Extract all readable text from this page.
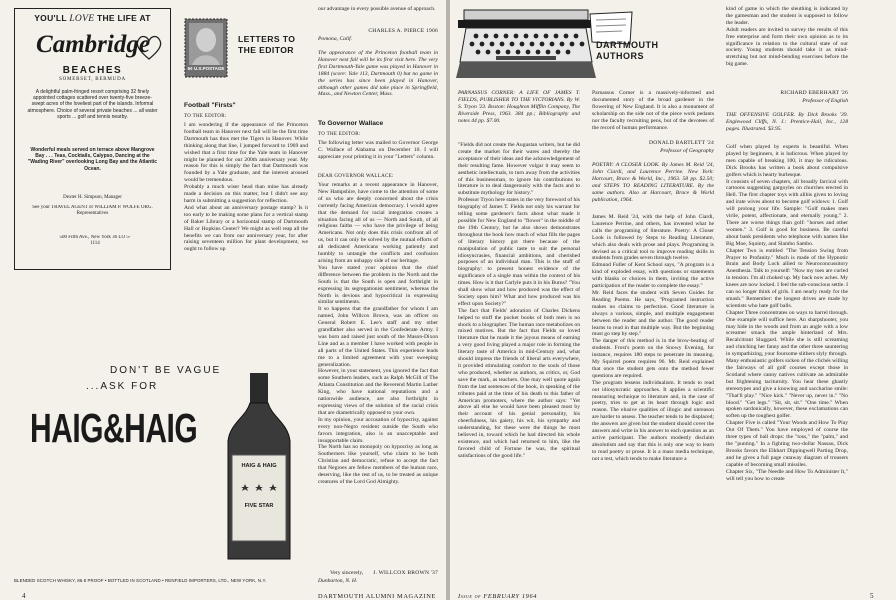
YOU'LL LOVE THE LIFE AT
Cambridge
BEACHES
SOMERSET, BERMUDA
A delightful palm-fringed resort comprising 32 finely appointed cottages scattered over twenty-five breeze-swept acres of the loveliest part of the islands. Informal atmosphere. Choice of several private beaches ... all water sports ... golf and tennis nearby.
Wonderful meals served on terrace above Mangrove Bay . . . Teas, Cocktails, Calypso, Dancing at the "Wading River" overlooking Long Bay and the Atlantic Ocean.
Dexter H. Simpson, Manager
See your TRAVEL AGENT or WILLIAM P. WOLFE ORG. Representatives
500 Fifth Ave., New York 36 LO 5-1114
5¢ U.S.POSTAGE
LETTERS TO THE EDITOR
Football "Firsts"
TO THE EDITOR:
I am wondering if the appearance of the Princeton football team in Hanover next fall will be the first time Dartmouth has thus met the Tigers in Hanover. While thinking along that line, I jumped forward to 1969 and wished that a first time for the Yale team in Hanover might be planned for our 200th anniversary year. My reason for this is simply the fact that Dartmouth was founded by a Yale graduate, and the interest aroused would be tremendous.
Probably a much wiser head than mine has already made a decision on this matter, but I didn't see any harm in submitting a suggestion for reflection.
And what about an anniversary postage stamp? Is it too early to be making some plans for a vertical stamp of Baker Library or a horizontal stamp of Dartmouth Hall or Hopkins Center? We might as well reap all the benefits we can from our anniversary year, for after raising seventeen million for plant development, we ought to follow up
our advantage in every possible avenue of approach.
CHARLES A. PIERCE 1906
Pomona, Calif.
The appearance of the Princeton football team in Hanover next fall will be its first visit here. The very first Dartmouth-Yale game was played in Hanover in 1884 (score: Yale 113, Dartmouth 0) but no game in the series has since been played in Hanover, although other games did take place in Springfield, Mass., and Newton Center, Mass.
To Governor Wallace
TO THE EDITOR:
The following letter was mailed to Governor George C. Wallace of Alabama on December 10. I will appreciate your printing it in your "Letters" column.
DEAR GOVERNOR WALLACE:
Your remarks at a recent appearance in Hanover, New Hampshire, have come to the attention of some of us who are deeply concerned about the crisis currently facing American democracy. I would agree that the demand for racial integration creates a situation facing all of us — North and South, of all religious faiths — who have the privilege of being Americans. Not only does this crisis confront all of us, but it can only be solved by the mutual efforts of all dedicated Americans working patiently and humbly to untangle the conflicts and confusion arising from an unhappy side of our heritage.
You have stated your opinion that the chief difference between the problem in the North and the South is that the South is open and forthright in expressing its segregationist sentiment, whereas the North is devious and hypocritical in expressing similar sentiments.
It so happens that the grandfather for whom I am named, John Willcox Brown, was an officer on General Robert E. Lee's staff and my other grandfather also served in the Confederate Army. I was born and raised just south of the Mason-Dixon Line and as a member I have worked with people in all parts of the United States. This experience leads me to a limited agreement with your sweeping generalization.
However, in your statement, you ignored the fact that some Southern leaders, such as Ralph McGill of The Atlanta Constitution and the Reverend Martin Luther King, who have national reputations and a nationwide audience, are also forthright in expressing views of the solution of the racial crisis that are diametrically opposed to your own.
In my opinion, your accusation of hypocrisy, against every non-Negro resident outside the South who favors integration, also is an unacceptable and insupportable claim.
The North has no monopoly on hypocrisy as long as Southerners like yourself, who claim to be both Christian and democratic, refuse to accept the fact that Negroes are fellow members of the human race, deserving, like the rest of us, to be treated as unique creatures of the Lord God Almighty.
Very sincerely,	J. WILLCOX BROWN '37
Dunbarton, N. H.
DON'T BE VAGUE
...ASK FOR
HAIG&HAIG
HAIG & HAIG
FIVE STAR
BLENDED SCOTCH WHISKY, 86.8 PROOF • BOTTLED IN SCOTLAND • RENFIELD IMPORTERS, LTD., NEW YORK, N.Y.
4	DARTMOUTH ALUMNI MAGAZINE
DARTMOUTH AUTHORS
PARNASSUS CORNER: A LIFE OF JAMES T. FIELDS, PUBLISHER TO THE VICTORIANS. By W. S. Tryon '23. Boston: Houghton Mifflin Company, The Riverside Press, 1963. 384 pp.; Bibliography and notes 44 pp. $7.00.
"Fields did not create the Augustan writers, but he did create the market for their wares and thereby the acceptance of their ideas and the acknowledgement of their resulting fame. However vulgar it may seem to aesthetic intellectuals, to turn away from the activities of this businessman, to ignore his contributions to literature is to deal dangerously with the facts and to substitute mythology for history."
Professor Tryon here states in the very foreword of his biography of James T. Fields not only his warrant for telling some gardener's facts about what made it possible for New England to "flower" in the middle of the 19th Century, but he also shows demonstrates throughout the book how much of what fills the pages of literary history got there because of the manipulation of public taste to suit the personal idiosyncrasies, financial ambitions, and cherished purposes of an individual man. This is the stuff of biography: to present honest evidence of the significance of a single man within the context of his times. How is it that Carlyle puts it in his Burns? "You shall show what and how produced was the effect of Society upon him? What and how produced was his effect upon Society?"
The fact that Fields' adoration of Charles Dickens helped to stuff the pocket books of both men is no shock to a biographer. The human race metabolizes on mixed motives. But the fact that Fields so loved literature that he made it the joyous means of earning a very good living played a major role in forming the literary taste of America in mid-Century and, what should impress the friends of liberal arts everywhere, it provided stimulating comfort to the souls of those who produced, whether as authors, as critics, or, God save the mark, as teachers. One may well quote again from the last sentences of the book, in speaking of the tributes paid at the time of his death to this father of American promoters, where the author says: "Yet above all else he would have been pleased most by their account of his genial personality, his cheerfulness, his gaiety, his wit, his sympathy and understanding, for these were the things he most believed in, toward which he had directed his whole existence, and which had returned to him, like the favored child of Fortune he was, the spiritual satisfactions of the good life."
Parnassus Corner is a massively-informed and documented story of the broad gardener in the flowering of New England. It is also a monument of scholarship on the side not of the piece work pedants nor the faculty recruiting pens, but of the devotees of the record of human performance.
DONALD BARTLETT '24
Professor of Geography
POETRY: A CLOSER LOOK. By James M. Reid '24, John Ciardi, and Laurence Perrine. New York: Harcourt, Brace & World, Inc., 1963. 58 pp. $2.50; and STEPS TO READING LITERATURE. By the same authors. Also at Harcourt, Brace & World publication, 1964.
James M. Reid '24, with the help of John Ciardi, Laurence Perrine, and others, has invented what he calls the programing of literature. Poetry: A Closer Look is followed by Steps to Reading Literature, which also deals with prose and plays. Programing is devised as a critical tool to improve reading skills in students from grades seven through twelve.
Edmund Fuller of Kent School says, "A program is a kind of exploded essay, with questions or statements with blanks or choices in them, inviting the active participation of the reader to complete the essay."
Mr. Reid faces the student with Seven Guides for Reading Poems. He says, "Programed instruction makes no claims to perfection. Good literature is always a various, simple, and multiple engagement between the reader and the author. The good reader learns to read in that multiple way. But the beginning must go step by step."
The danger of this method is in the brow-beating of students. Frost's poem on the Snowy Evening, for instance, requires 180 steps to penetrate its meaning. My Squirrel poem requires 96. Mr. Reid explained that once the student gets onto the method fewer questions are required.
The program lessens individualism. It tends to read out idiosyncratic approaches. It applies a scientific measuring technique to literature and, in the case of poetry, tries to get at its heart through logic and reason. The elusive qualities of illogic and unreason are harder to assess. The teacher tends to be displaced; the answers are given but the student should cover the answers and write in his answer to each question as an active participant. The authors modestly disclaim absolutism and say that this is only one way to learn to read poetry or prose. It is a mass media technique, not a test, which tends to make literature a
kind of game in which the sleuthing is indicated by the gamesman and the student is supposed to follow the leader.
Adult readers are invited to survey the results of this free enterprise and form their own opinion as to its significance in relation to the cultural state of our society. Young students should take it as mind-stretching but not mind-bending exercises before the big game.
RICHARD EBERHART '26
Professor of English
THE OFFENSIVE GOLFER. By Dick Brooks '39. Englewood Cliffs, N. J.: Prentice-Hall, Inc., 128 pages. Illustrated. $3.95.
Golf when played by experts is beautiful. When played by beginners, it is ludicrous. When played by men capable of breaking 100, it may be ridiculous. Dick Brooks has written a book about compulsive golfers which is hearty burlesque.
It consists of seven chapters, all broadly farcical with cartoons suggesting gargoyles on churches erected in Hell. The first chapter toys with alibis given to loving and irate wives about to become golf widows: 1. Golf will prolong your life. Sample: "Golf makes men virile, potent, affectionate, and eternally young." 2. There are worse things than golf: "horses and other women." 3. Golf is good for business. Be careful about bank presidents who telephone with names like Big Moe, Squinty, and Slambo Sambo.
Chapter Two is entitled "The Tension Swing from Prayer to Profanity." Much is made of the Hypnotic Brain and Body Lock allied to Neuroconcussitory Anesthesia. Talk to yourself: "Now my toes are curled in tension. I'm all choked up. My back now aches. My knees are now locked. I feel the sub-conscious settle. I can no longer think of girls. I am nearly ready for the smash." Remember: the longest drives are made by scientists who hate golf balls.
Chapter Three concentrates on ways to barrel through. One example will suffice here. An sharpshooter, you may hide in the woods and from an angle with a low screamer smack the ample hinterland of Mrs. Recalcitrant Sluggard. While she is still screaming and clutching her fanny and the other three sauntering in sympathizing, your foursome slithers slyly through.
Many enthusiastic golfers sicken of the clichés willing the fairways of all golf courses except those in Scotland where canny natives cultivate an admirable but frightening taciturnity. You hear these ghastly stereotypes and give a knowing and saccharine smile: "That'll play." "Nice kick." "Never up, never in." "No blood." "Get legs." "Sit, sit, sit." "One time." When spoken sardonically, however, these exclamations can soften up the toughest golfer.
Chapter Five is called "Your Woods and How To Play Out Of Them." You have employed of course the three types of ball drops: the "toss," the "palm," and the "punting." In a fighting two-dollar Nassau, Dick Brooks favors the Elkhart Dippingwell Parting Drop, and he gives a full page cutaway diagram of trousers capable of becoming small missiles.
Chapter Six, "The Needle and How To Administer It," will tell you how to create
Issue of FEBRUARY 1964	5
